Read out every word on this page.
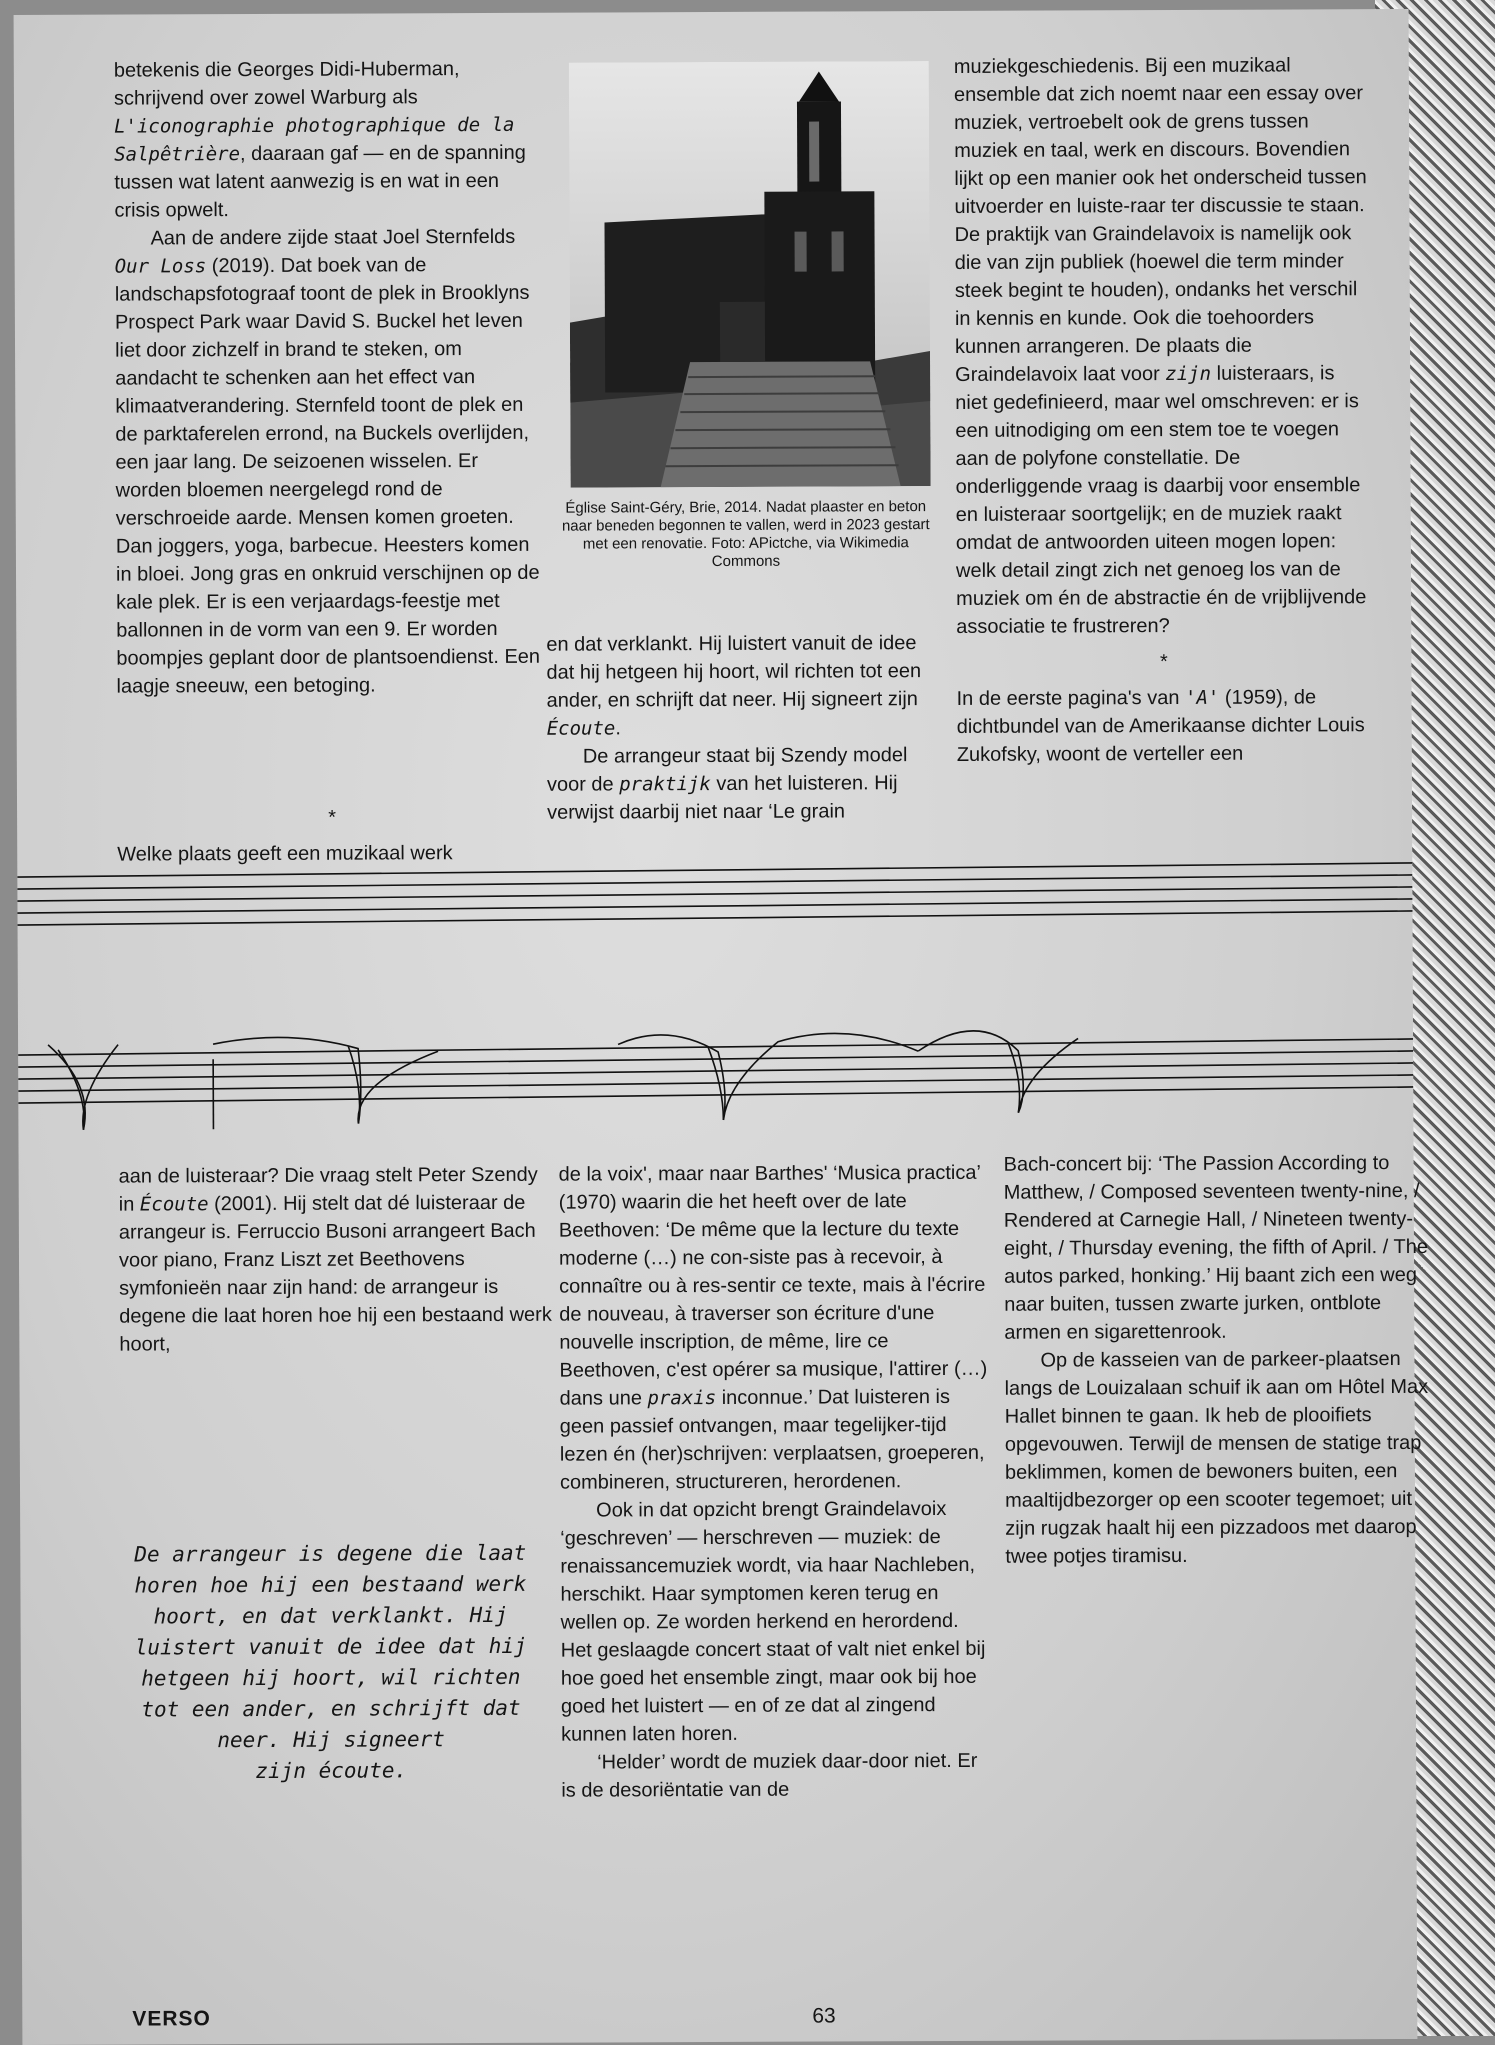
betekenis die Georges Didi-Huberman, schrijvend over zowel Warburg als L'iconographie photographique de la Salpêtrière, daaraan gaf — en de spanning tussen wat latent aanwezig is en wat in een crisis opwelt.

Aan de andere zijde staat Joel Sternfelds Our Loss (2019). Dat boek van de landschapsfotograaf toont de plek in Brooklyns Prospect Park waar David S. Buckel het leven liet door zichzelf in brand te steken, om aandacht te schenken aan het effect van klimaatverandering. Sternfeld toont de plek en de parktaferelen errond, na Buckels overlijden, een jaar lang. De seizoenen wisselen. Er worden bloemen neergelegd rond de verschroeide aarde. Mensen komen groeten. Dan joggers, yoga, barbecue. Heesters komen in bloei. Jong gras en onkruid verschijnen op de kale plek. Er is een verjaardags-feestje met ballonnen in de vorm van een 9. Er worden boompjes geplant door de plantsoendienst. Een laagje sneeuw, een betoging.

*

Welke plaats geeft een muzikaal werk

Église Saint-Géry, Brie, 2014. Nadat plaaster en beton naar beneden begonnen te vallen, werd in 2023 gestart met een renovatie. Foto: APictche, via Wikimedia Commons

en dat verklankt. Hij luistert vanuit de idee dat hij hetgeen hij hoort, wil richten tot een ander, en schrijft dat neer. Hij signeert zijn Écoute.

De arrangeur staat bij Szendy model voor de praktijk van het luisteren. Hij verwijst daarbij niet naar ‘Le grain

muziekgeschiedenis. Bij een muzikaal ensemble dat zich noemt naar een essay over muziek, vertroebelt ook de grens tussen muziek en taal, werk en discours. Bovendien lijkt op een manier ook het onderscheid tussen uitvoerder en luiste-raar ter discussie te staan. De praktijk van Graindelavoix is namelijk ook die van zijn publiek (hoewel die term minder steek begint te houden), ondanks het verschil in kennis en kunde. Ook die toehoorders kunnen arrangeren. De plaats die Graindelavoix laat voor zijn luisteraars, is niet gedefinieerd, maar wel omschreven: er is een uitnodiging om een stem toe te voegen aan de polyfone constellatie. De onderliggende vraag is daarbij voor ensemble en luisteraar soortgelijk; en de muziek raakt omdat de antwoorden uiteen mogen lopen: welk detail zingt zich net genoeg los van de muziek om én de abstractie én de vrijblijvende associatie te frustreren?

*

In de eerste pagina's van 'A' (1959), de dichtbundel van de Amerikaanse dichter Louis Zukofsky, woont de verteller een

aan de luisteraar? Die vraag stelt Peter Szendy in Écoute (2001). Hij stelt dat dé luisteraar de arrangeur is. Ferruccio Busoni arrangeert Bach voor piano, Franz Liszt zet Beethovens symfonieën naar zijn hand: de arrangeur is degene die laat horen hoe hij een bestaand werk hoort,

De arrangeur is degene die laat horen hoe hij een bestaand werk hoort, en dat verklankt. Hij luistert vanuit de idee dat hij hetgeen hij hoort, wil richten tot een ander, en schrijft dat neer. Hij signeert
zijn écoute.

de la voix', maar naar Barthes' ‘Musica practica’ (1970) waarin die het heeft over de late Beethoven: ‘De même que la lecture du texte moderne (…) ne con-siste pas à recevoir, à connaître ou à res-sentir ce texte, mais à l'écrire de nouveau, à traverser son écriture d'une nouvelle inscription, de même, lire ce Beethoven, c'est opérer sa musique, l'attirer (…) dans une praxis inconnue.’ Dat luisteren is geen passief ontvangen, maar tegelijker-tijd lezen én (her)schrijven: verplaatsen, groeperen, combineren, structureren, herordenen.

Ook in dat opzicht brengt Graindelavoix ‘geschreven’ — herschreven — muziek: de renaissancemuziek wordt, via haar Nachleben, herschikt. Haar symptomen keren terug en wellen op. Ze worden herkend en herordend. Het geslaagde concert staat of valt niet enkel bij hoe goed het ensemble zingt, maar ook bij hoe goed het luistert — en of ze dat al zingend kunnen laten horen.

‘Helder’ wordt de muziek daar-door niet. Er is de desoriëntatie van de

Bach-concert bij: ‘The Passion According to Matthew, / Composed seventeen twenty-nine, / Rendered at Carnegie Hall, / Nineteen twenty-eight, / Thursday evening, the fifth of April. / The autos parked, honking.’ Hij baant zich een weg naar buiten, tussen zwarte jurken, ontblote armen en sigarettenrook.

Op de kasseien van de parkeer-plaatsen langs de Louizalaan schuif ik aan om Hôtel Max Hallet binnen te gaan. Ik heb de plooifiets opgevouwen. Terwijl de mensen de statige trap beklimmen, komen de bewoners buiten, een maaltijdbezorger op een scooter tegemoet; uit zijn rugzak haalt hij een pizzadoos met daarop twee potjes tiramisu.

VERSO	63
